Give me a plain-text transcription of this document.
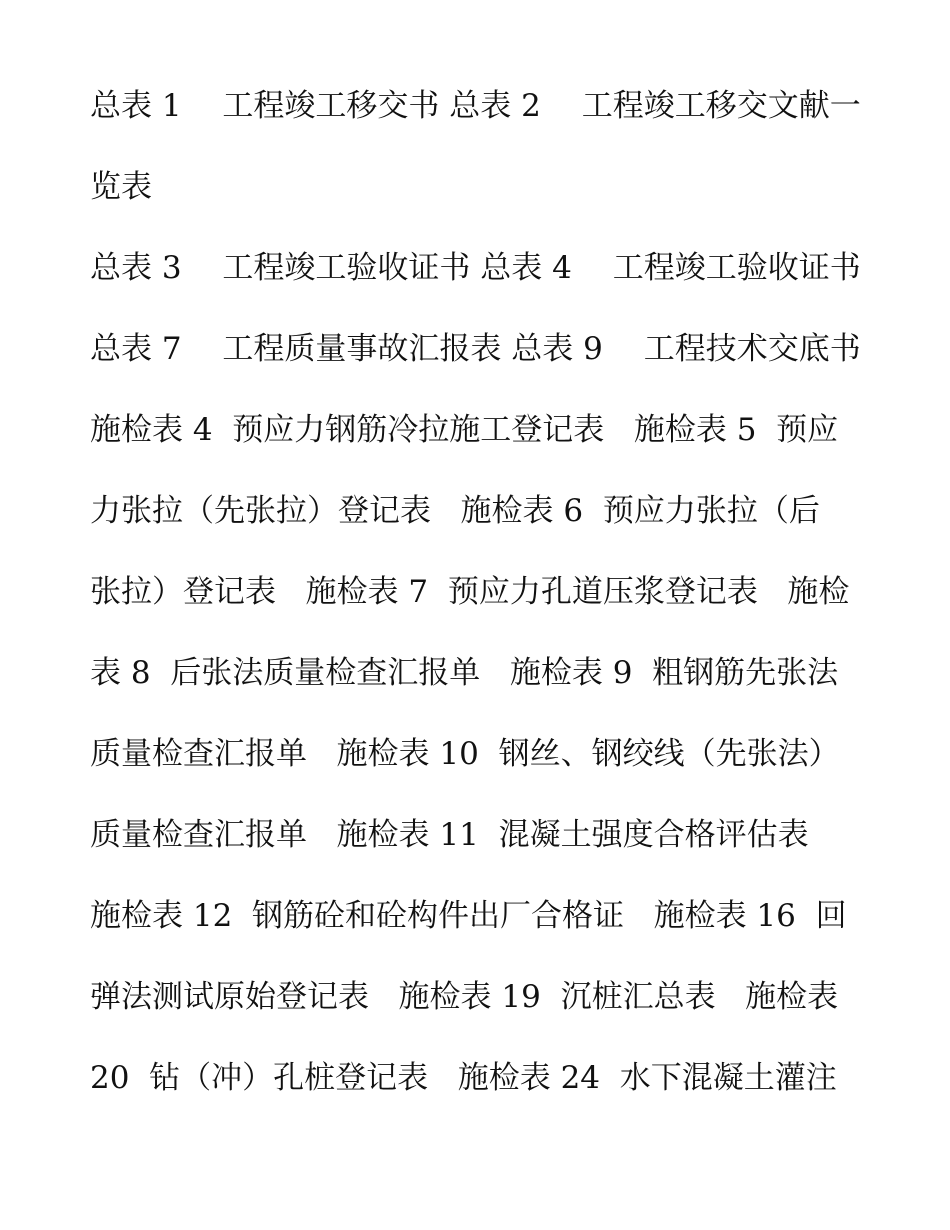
总表 1　 工程竣工移交书 总表 2　 工程竣工移交文献一
览表

总表 3　 工程竣工验收证书 总表 4　 工程竣工验收证书
总表 7　 工程质量事故汇报表 总表 9　 工程技术交底书
施检表 4  预应力钢筋冷拉施工登记表   施检表 5  预应
力张拉（先张拉）登记表   施检表 6  预应力张拉（后
张拉）登记表   施检表 7  预应力孔道压浆登记表   施检
表 8  后张法质量检查汇报单   施检表 9  粗钢筋先张法
质量检查汇报单   施检表 10  钢丝、钢绞线（先张法）
质量检查汇报单   施检表 11  混凝土强度合格评估表
施检表 12  钢筋砼和砼构件出厂合格证   施检表 16  回
弹法测试原始登记表   施检表 19  沉桩汇总表   施检表
20  钻（冲）孔桩登记表   施检表 24  水下混凝土灌注
